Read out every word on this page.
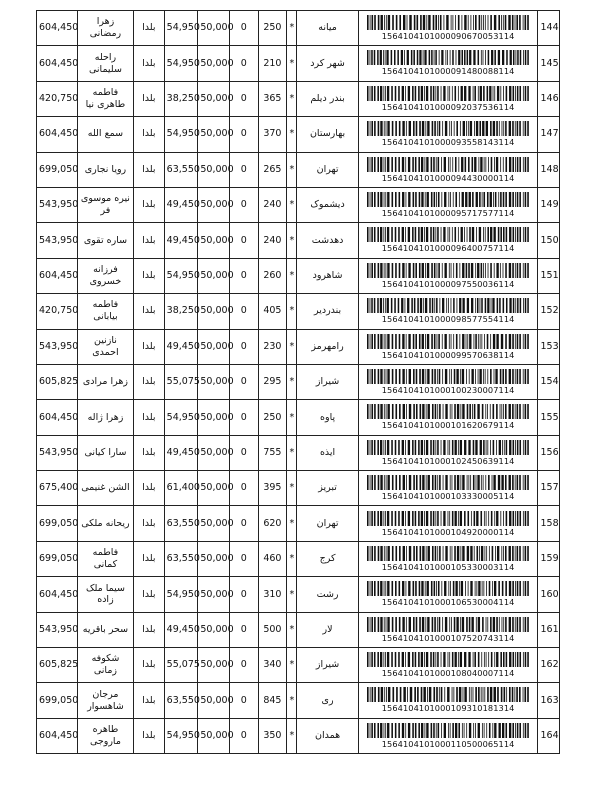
604,450	زهرا رمضانی	بلدا	54,950	50,000	0	250	*	میانه	1564104101000090670053114	144
604,450	راحله سلیمانی	بلدا	54,950	50,000	0	210	*	شهر کرد	1564104101000091480088114	145
420,750	فاطمه طاهری نیا	بلدا	38,250	50,000	0	365	*	بندر دیلم	1564104101000092037536114	146
604,450	سمع الله	بلدا	54,950	50,000	0	370	*	بهارستان	1564104101000093558143114	147
699,050	رویا نجاری	بلدا	63,550	50,000	0	265	*	تهران	1564104101000094430000114	148
543,950	نیره موسوی فر	بلدا	49,450	50,000	0	240	*	دیشموک	1564104101000095717577114	149
543,950	ساره تقوی	بلدا	49,450	50,000	0	240	*	دهدشت	1564104101000096400757114	150
604,450	فرزانه خسروی	بلدا	54,950	50,000	0	260	*	شاهرود	1564104101000097550036114	151
420,750	فاطمه بیابانی	بلدا	38,250	50,000	0	405	*	بندردیر	1564104101000098577554114	152
543,950	نازنین احمدی	بلدا	49,450	50,000	0	230	*	رامهرمز	1564104101000099570638114	153
605,825	زهرا مرادی	بلدا	55,075	50,000	0	295	*	شیراز	1564104101000100230007114	154
604,450	زهرا ژاله	بلدا	54,950	50,000	0	250	*	پاوه	1564104101000101620679114	155
543,950	سارا کیانی	بلدا	49,450	50,000	0	755	*	ایذه	1564104101000102450639114	156
675,400	الشن غنیمی	بلدا	61,400	50,000	0	395	*	تبریز	1564104101000103330005114	157
699,050	ریحانه ملکی	بلدا	63,550	50,000	0	620	*	تهران	1564104101000104920000114	158
699,050	فاطمه کمانی	بلدا	63,550	50,000	0	460	*	کرج	1564104101000105330003114	159
604,450	سیما ملک زاده	بلدا	54,950	50,000	0	310	*	رشت	1564104101000106530004114	160
543,950	سحر باقریه	بلدا	49,450	50,000	0	500	*	لار	1564104101000107520743114	161
605,825	شکوفه زمانی	بلدا	55,075	50,000	0	340	*	شیراز	1564104101000108040007114	162
699,050	مرجان شاهسوار	بلدا	63,550	50,000	0	845	*	ری	1564104101000109310181314	163
604,450	طاهره ماروجی	بلدا	54,950	50,000	0	350	*	همدان	1564104101000110500065114	164
